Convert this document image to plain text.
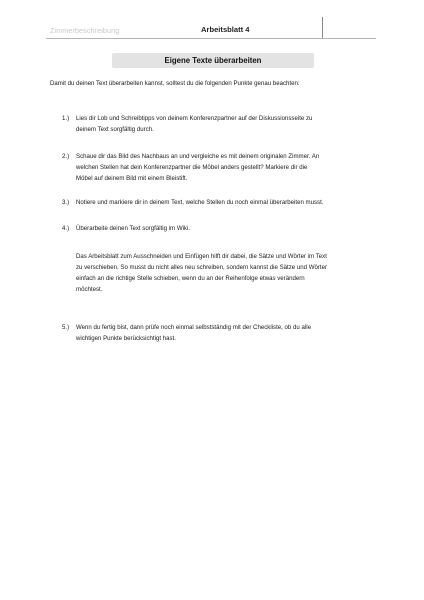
Zimmerbeschreibung	Arbeitsblatt 4
Eigene Texte überarbeiten
Damit du deinen Text überarbeiten kannst, solltest du die folgenden Punkte genau beachten:
1.) Lies dir Lob und Schreibtipps von deinem Konferenzpartner auf der Diskussionsseite zu
deinem Text sorgfältig durch.
2.) Schaue dir das Bild des Nachbaus an und vergleiche es mit deinem originalen Zimmer. An
welchen Stellen hat dein Konferenzpartner die Möbel anders gestellt? Markiere dir die
Möbel auf deinem Bild mit einem Bleistift.
3.) Notiere und markiere dir in deinem Text, welche Stellen du noch einmal überarbeiten musst.
4.) Überarbeite deinen Text sorgfältig im Wiki.
Das Arbeitsblatt zum Ausschneiden und Einfügen hilft dir dabei, die Sätze und Wörter im Text
zu verschieben. So musst du nicht alles neu schreiben, sondern kannst die Sätze und Wörter
einfach an die richtige Stelle schieben, wenn du an der Reihenfolge etwas verändern
möchtest.
5.) Wenn du fertig bist, dann prüfe noch einmal selbstständig mit der Checkliste, ob du alle
wichtigen Punkte berücksichtigt hast.
